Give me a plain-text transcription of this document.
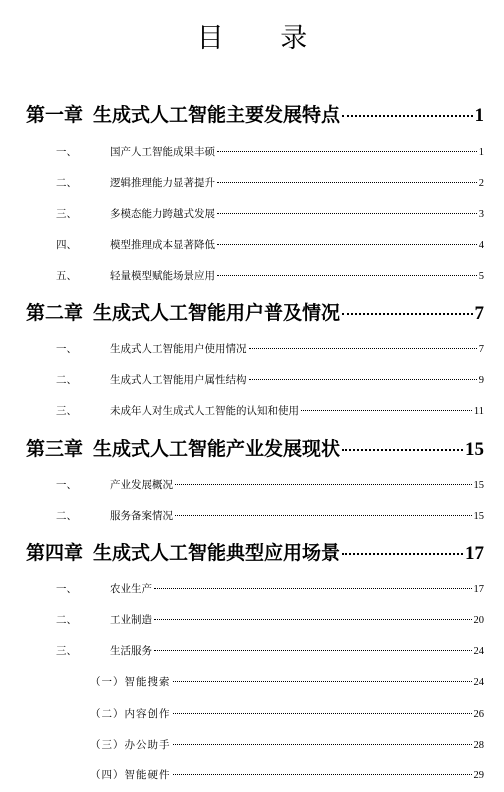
目 录
第一章 生成式人工智能主要发展特点	1
一、	国产人工智能成果丰硕	1
二、	逻辑推理能力显著提升	2
三、	多模态能力跨越式发展	3
四、	模型推理成本显著降低	4
五、	轻量模型赋能场景应用	5
第二章 生成式人工智能用户普及情况	7
一、	生成式人工智能用户使用情况	7
二、	生成式人工智能用户属性结构	9
三、	未成年人对生成式人工智能的认知和使用	11
第三章 生成式人工智能产业发展现状	15
一、	产业发展概况	15
二、	服务备案情况	15
第四章 生成式人工智能典型应用场景	17
一、	农业生产	17
二、	工业制造	20
三、	生活服务	24
（一）智能搜索	24
（二）内容创作	26
（三）办公助手	28
（四）智能硬件	29
